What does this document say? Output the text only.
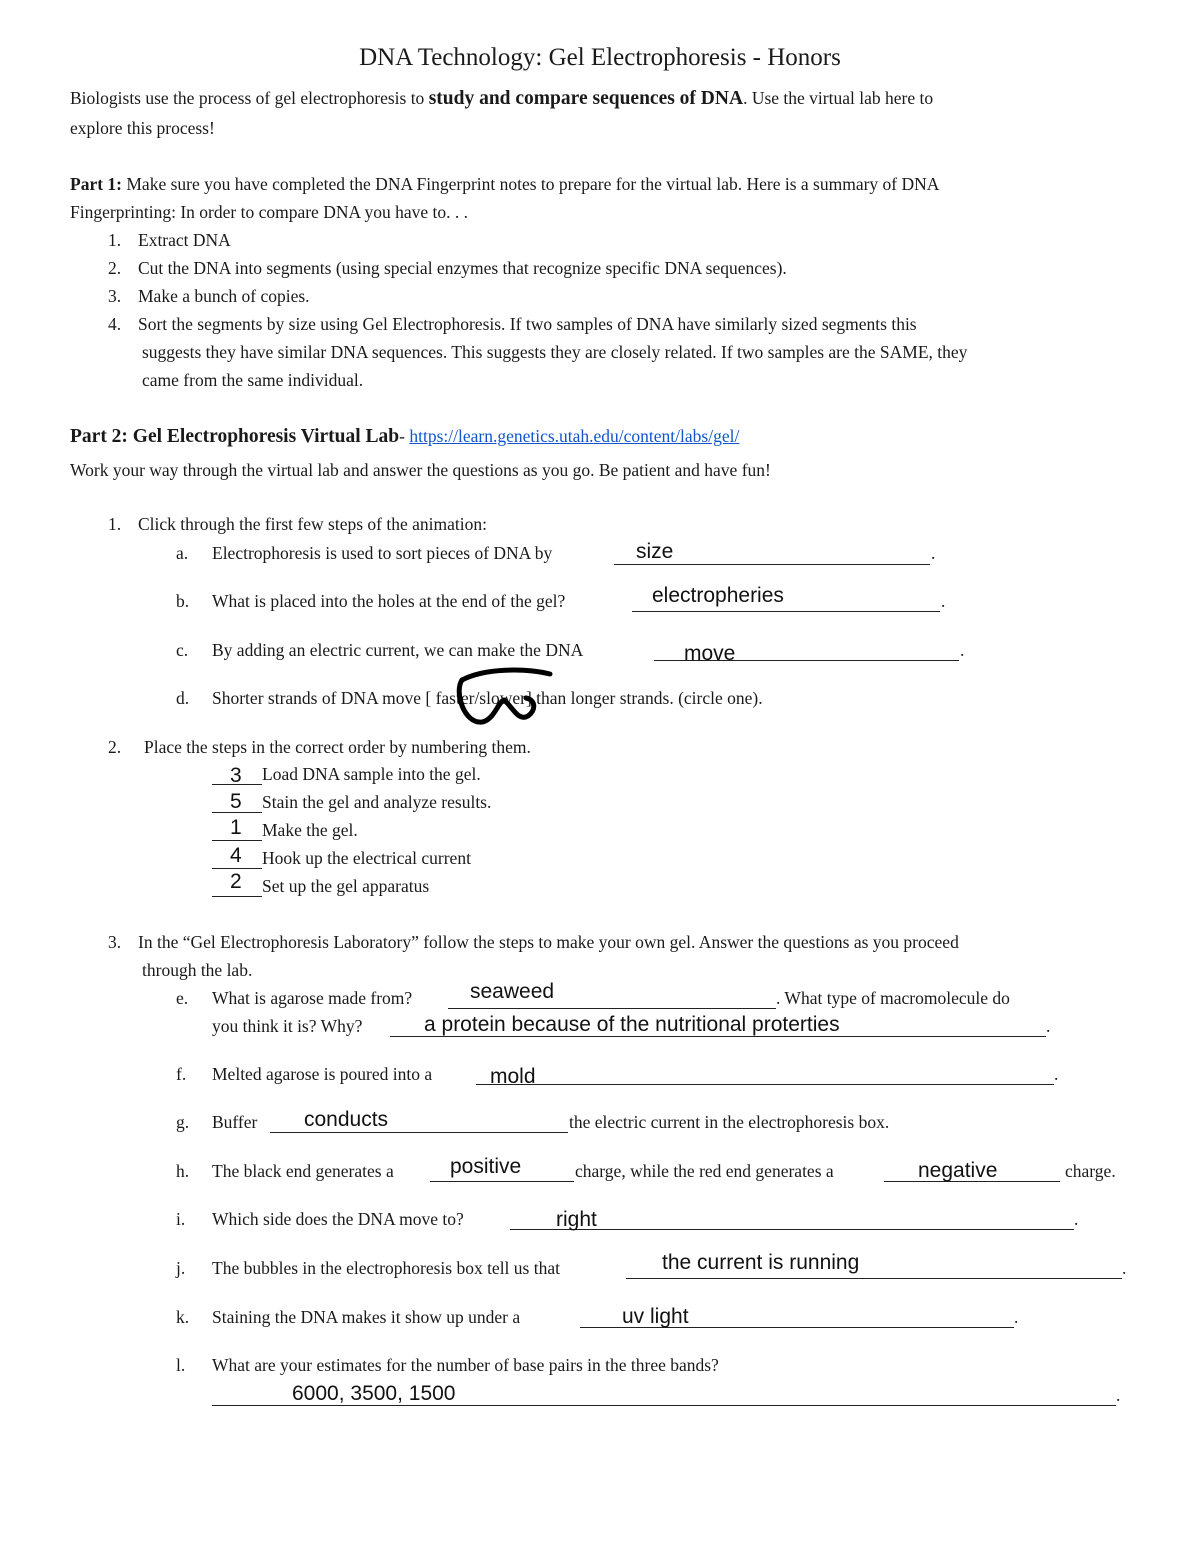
DNA Technology: Gel Electrophoresis - Honors
Biologists use the process of gel electrophoresis to study and compare sequences of DNA. Use the virtual lab here to
explore this process!
Part 1: Make sure you have completed the DNA Fingerprint notes to prepare for the virtual lab. Here is a summary of DNA
Fingerprinting: In order to compare DNA you have to. . .
1. Extract DNA
2. Cut the DNA into segments (using special enzymes that recognize specific DNA sequences).
3. Make a bunch of copies.
4. Sort the segments by size using Gel Electrophoresis. If two samples of DNA have similarly sized segments this
suggests they have similar DNA sequences. This suggests they are closely related. If two samples are the SAME, they
came from the same individual.
Part 2: Gel Electrophoresis Virtual Lab- https://learn.genetics.utah.edu/content/labs/gel/
Work your way through the virtual lab and answer the questions as you go. Be patient and have fun!
1. Click through the first few steps of the animation:
a. Electrophoresis is used to sort pieces of DNA by	size	.
b. What is placed into the holes at the end of the gel?	electropheries	.
c. By adding an electric current, we can make the DNA	move	.
d. Shorter strands of DNA move [ faster/slower] than longer strands. (circle one).
2. Place the steps in the correct order by numbering them.
3 Load DNA sample into the gel.
5 Stain the gel and analyze results.
1 Make the gel.
4 Hook up the electrical current
2 Set up the gel apparatus
3. In the “Gel Electrophoresis Laboratory” follow the steps to make your own gel. Answer the questions as you proceed
through the lab.
e. What is agarose made from?	seaweed	. What type of macromolecule do
you think it is? Why?	a protein because of the nutritional proterties	.
f. Melted agarose is poured into a	mold	.
g. Buffer conducts	the electric current in the electrophoresis box.
h. The black end generates a	positive	charge, while the red end generates a	negative	charge.
i. Which side does the DNA move to?	right	.
j. The bubbles in the electrophoresis box tell us that	the current is running	.
k. Staining the DNA makes it show up under a	uv light	.
l. What are your estimates for the number of base pairs in the three bands?
6000, 3500, 1500	.
